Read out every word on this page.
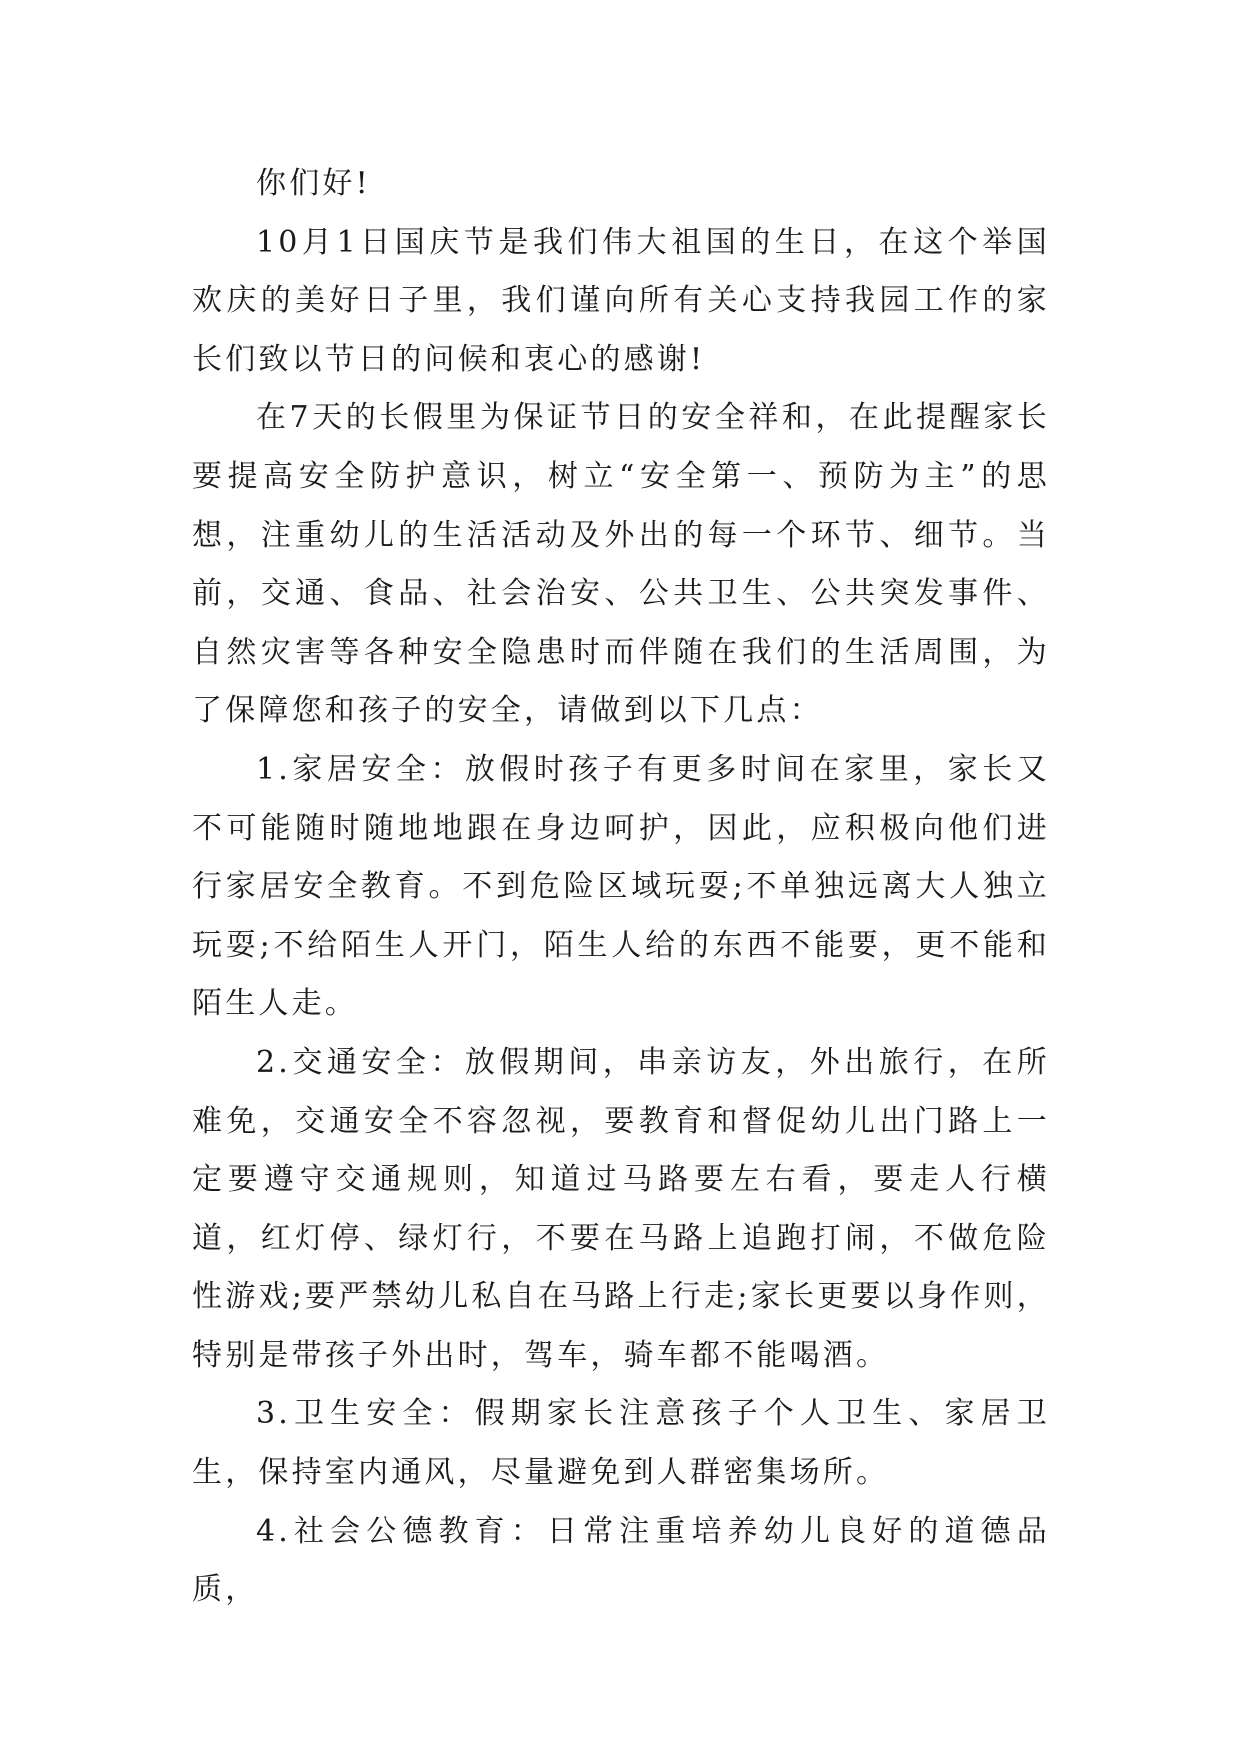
你们好!

10月1日国庆节是我们伟大祖国的生日，在这个举国欢庆的美好日子里，我们谨向所有关心支持我园工作的家长们致以节日的问候和衷心的感谢!

在7天的长假里为保证节日的安全祥和，在此提醒家长要提高安全防护意识，树立“安全第一、预防为主”的思想，注重幼儿的生活活动及外出的每一个环节、细节。当前，交通、食品、社会治安、公共卫生、公共突发事件、自然灾害等各种安全隐患时而伴随在我们的生活周围，为了保障您和孩子的安全，请做到以下几点：

1.家居安全：放假时孩子有更多时间在家里，家长又不可能随时随地地跟在身边呵护，因此，应积极向他们进行家居安全教育。不到危险区域玩耍;不单独远离大人独立玩耍;不给陌生人开门，陌生人给的东西不能要，更不能和陌生人走。

2.交通安全：放假期间，串亲访友，外出旅行，在所难免，交通安全不容忽视，要教育和督促幼儿出门路上一定要遵守交通规则，知道过马路要左右看，要走人行横道，红灯停、绿灯行，不要在马路上追跑打闹，不做危险性游戏;要严禁幼儿私自在马路上行走;家长更要以身作则，特别是带孩子外出时，驾车，骑车都不能喝酒。

3.卫生安全：假期家长注意孩子个人卫生、家居卫生，保持室内通风，尽量避免到人群密集场所。

4.社会公德教育：日常注重培养幼儿良好的道德品质，
